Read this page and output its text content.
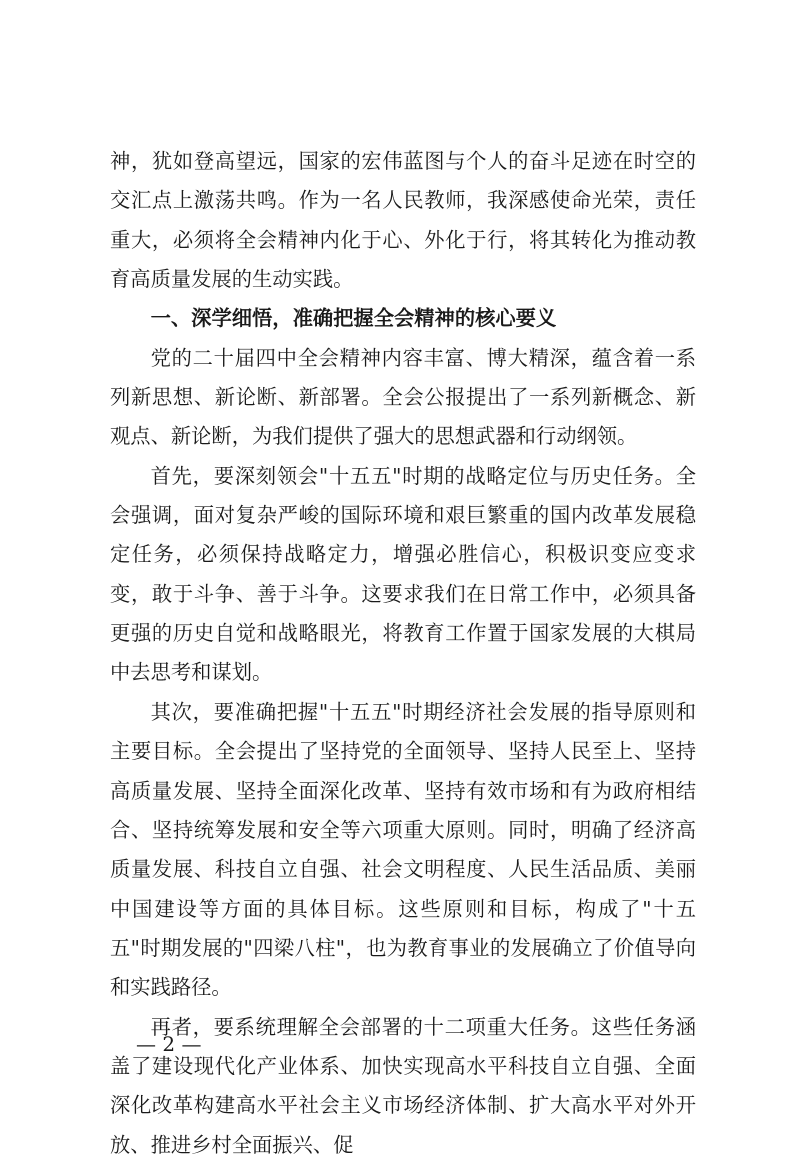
神，犹如登高望远，国家的宏伟蓝图与个人的奋斗足迹在时空的交汇点上激荡共鸣。作为一名人民教师，我深感使命光荣，责任重大，必须将全会精神内化于心、外化于行，将其转化为推动教育高质量发展的生动实践。

一、深学细悟，准确把握全会精神的核心要义

党的二十届四中全会精神内容丰富、博大精深，蕴含着一系列新思想、新论断、新部署。全会公报提出了一系列新概念、新观点、新论断，为我们提供了强大的思想武器和行动纲领。

首先，要深刻领会"十五五"时期的战略定位与历史任务。全会强调，面对复杂严峻的国际环境和艰巨繁重的国内改革发展稳定任务，必须保持战略定力，增强必胜信心，积极识变应变求变，敢于斗争、善于斗争。这要求我们在日常工作中，必须具备更强的历史自觉和战略眼光，将教育工作置于国家发展的大棋局中去思考和谋划。

其次，要准确把握"十五五"时期经济社会发展的指导原则和主要目标。全会提出了坚持党的全面领导、坚持人民至上、坚持高质量发展、坚持全面深化改革、坚持有效市场和有为政府相结合、坚持统筹发展和安全等六项重大原则。同时，明确了经济高质量发展、科技自立自强、社会文明程度、人民生活品质、美丽中国建设等方面的具体目标。这些原则和目标，构成了"十五五"时期发展的"四梁八柱"，也为教育事业的发展确立了价值导向和实践路径。

再者，要系统理解全会部署的十二项重大任务。这些任务涵盖了建设现代化产业体系、加快实现高水平科技自立自强、全面深化改革构建高水平社会主义市场经济体制、扩大高水平对外开放、推进乡村全面振兴、促

— 2 —
